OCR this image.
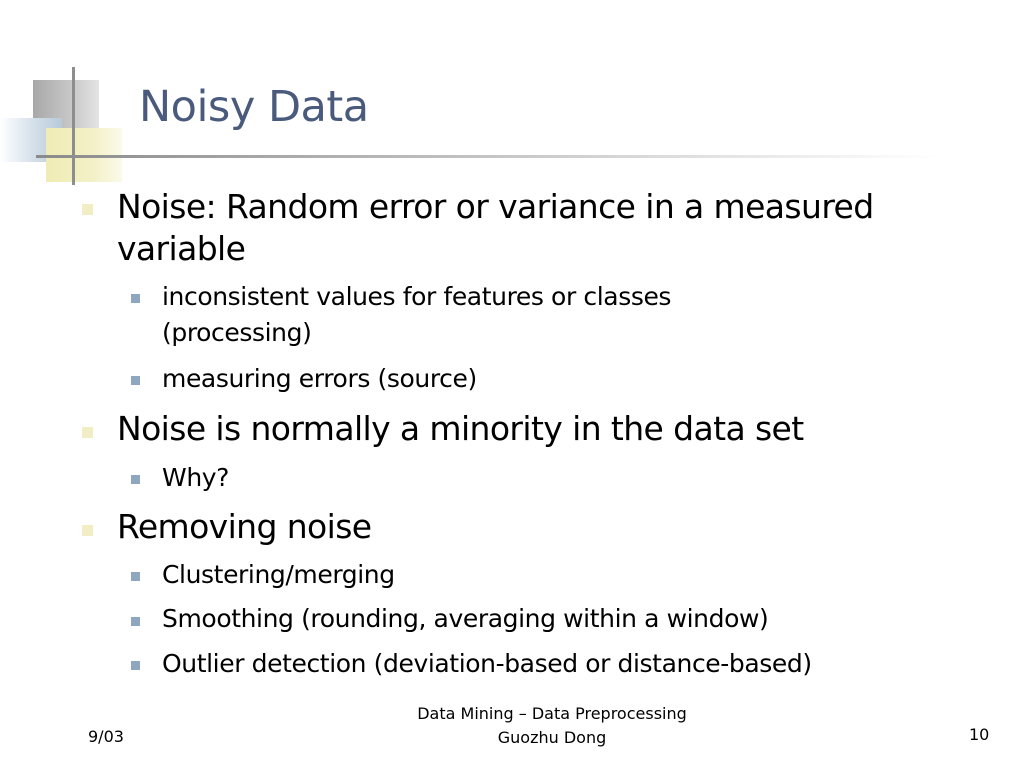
Noisy Data
Noise: Random error or variance in a measured
variable
inconsistent values for features or classes
(processing)
measuring errors (source)
Noise is normally a minority in the data set
Why?
Removing noise
Clustering/merging
Smoothing (rounding, averaging within a window)
Outlier detection (deviation-based or distance-based)
9/03
Data Mining – Data Preprocessing
Guozhu Dong	10
